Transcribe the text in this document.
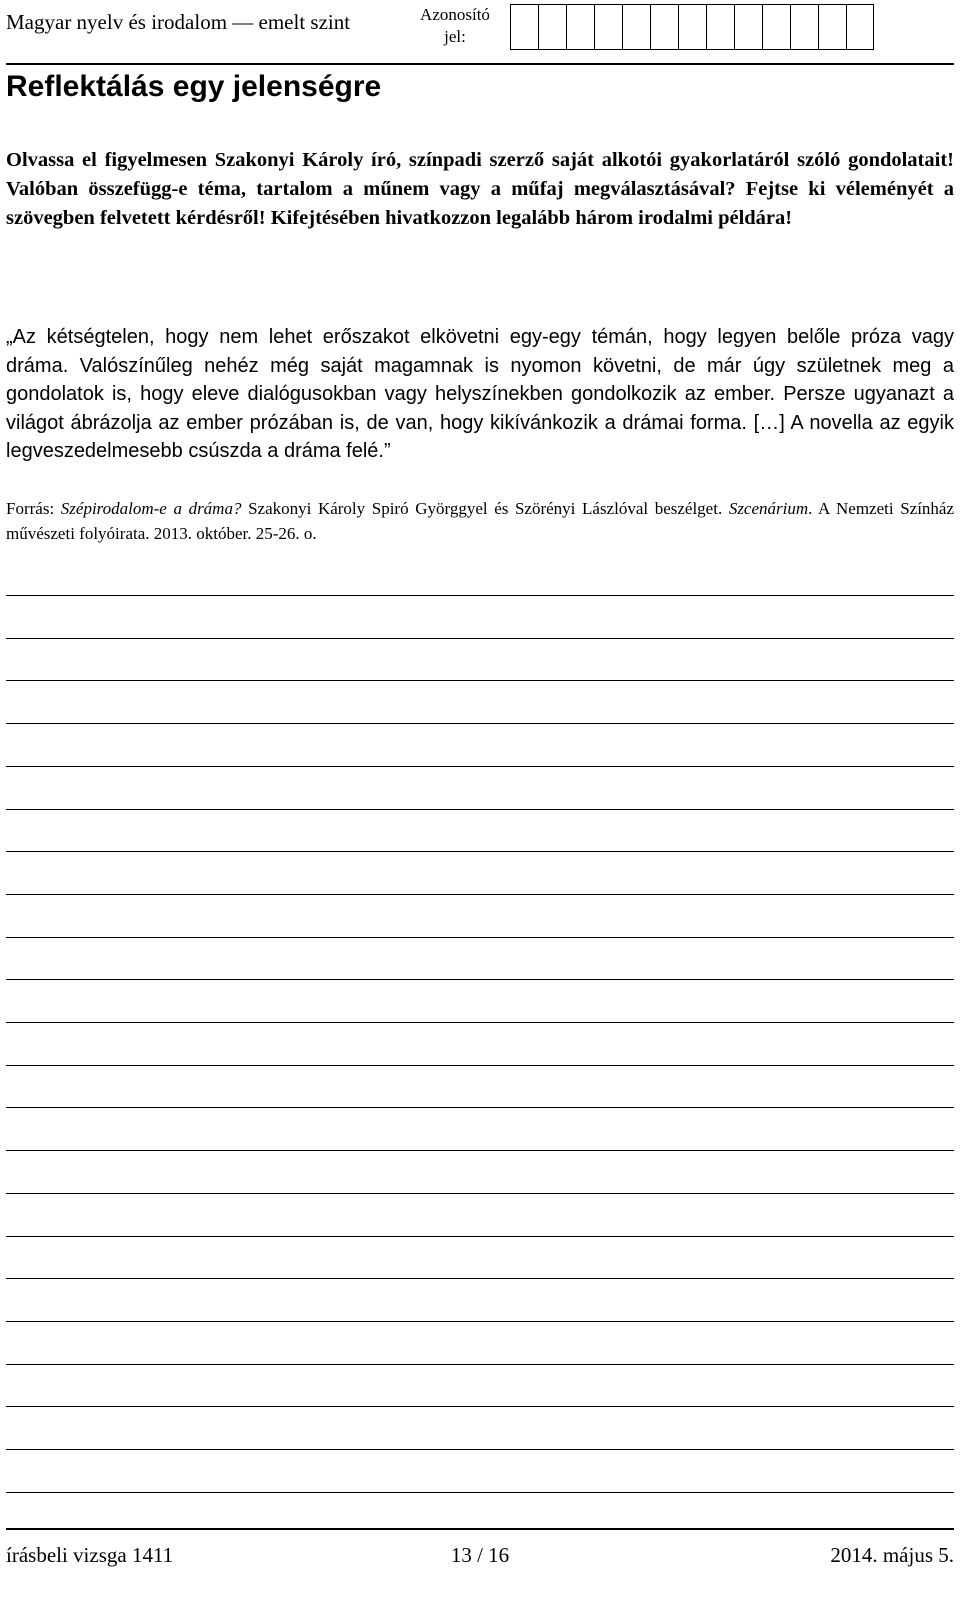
Magyar nyelv és irodalom — emelt szint	Azonosító
jel:
Reflektálás egy jelenségre
Olvassa el figyelmesen Szakonyi Károly író, színpadi szerző saját alkotói gyakorlatáról szóló gondolatait! Valóban összefügg-e téma, tartalom a műnem vagy a műfaj megválasztásával? Fejtse ki véleményét a szövegben felvetett kérdésről! Kifejtésében hivatkozzon legalább három irodalmi példára!
„Az kétségtelen, hogy nem lehet erőszakot elkövetni egy-egy témán, hogy legyen belőle próza vagy dráma. Valószínűleg nehéz még saját magamnak is nyomon követni, de már úgy születnek meg a gondolatok is, hogy eleve dialógusokban vagy helyszínekben gondolkozik az ember. Persze ugyanazt a világot ábrázolja az ember prózában is, de van, hogy kikívánkozik a drámai forma. […] A novella az egyik legveszedelmesebb csúszda a dráma felé.”
Forrás: Szépirodalom-e a dráma? Szakonyi Károly Spiró Györggyel és Szörényi Lászlóval beszélget. Szcenárium. A Nemzeti Színház művészeti folyóirata. 2013. október. 25-26. o.
írásbeli vizsga 1411	13 / 16	2014. május 5.
